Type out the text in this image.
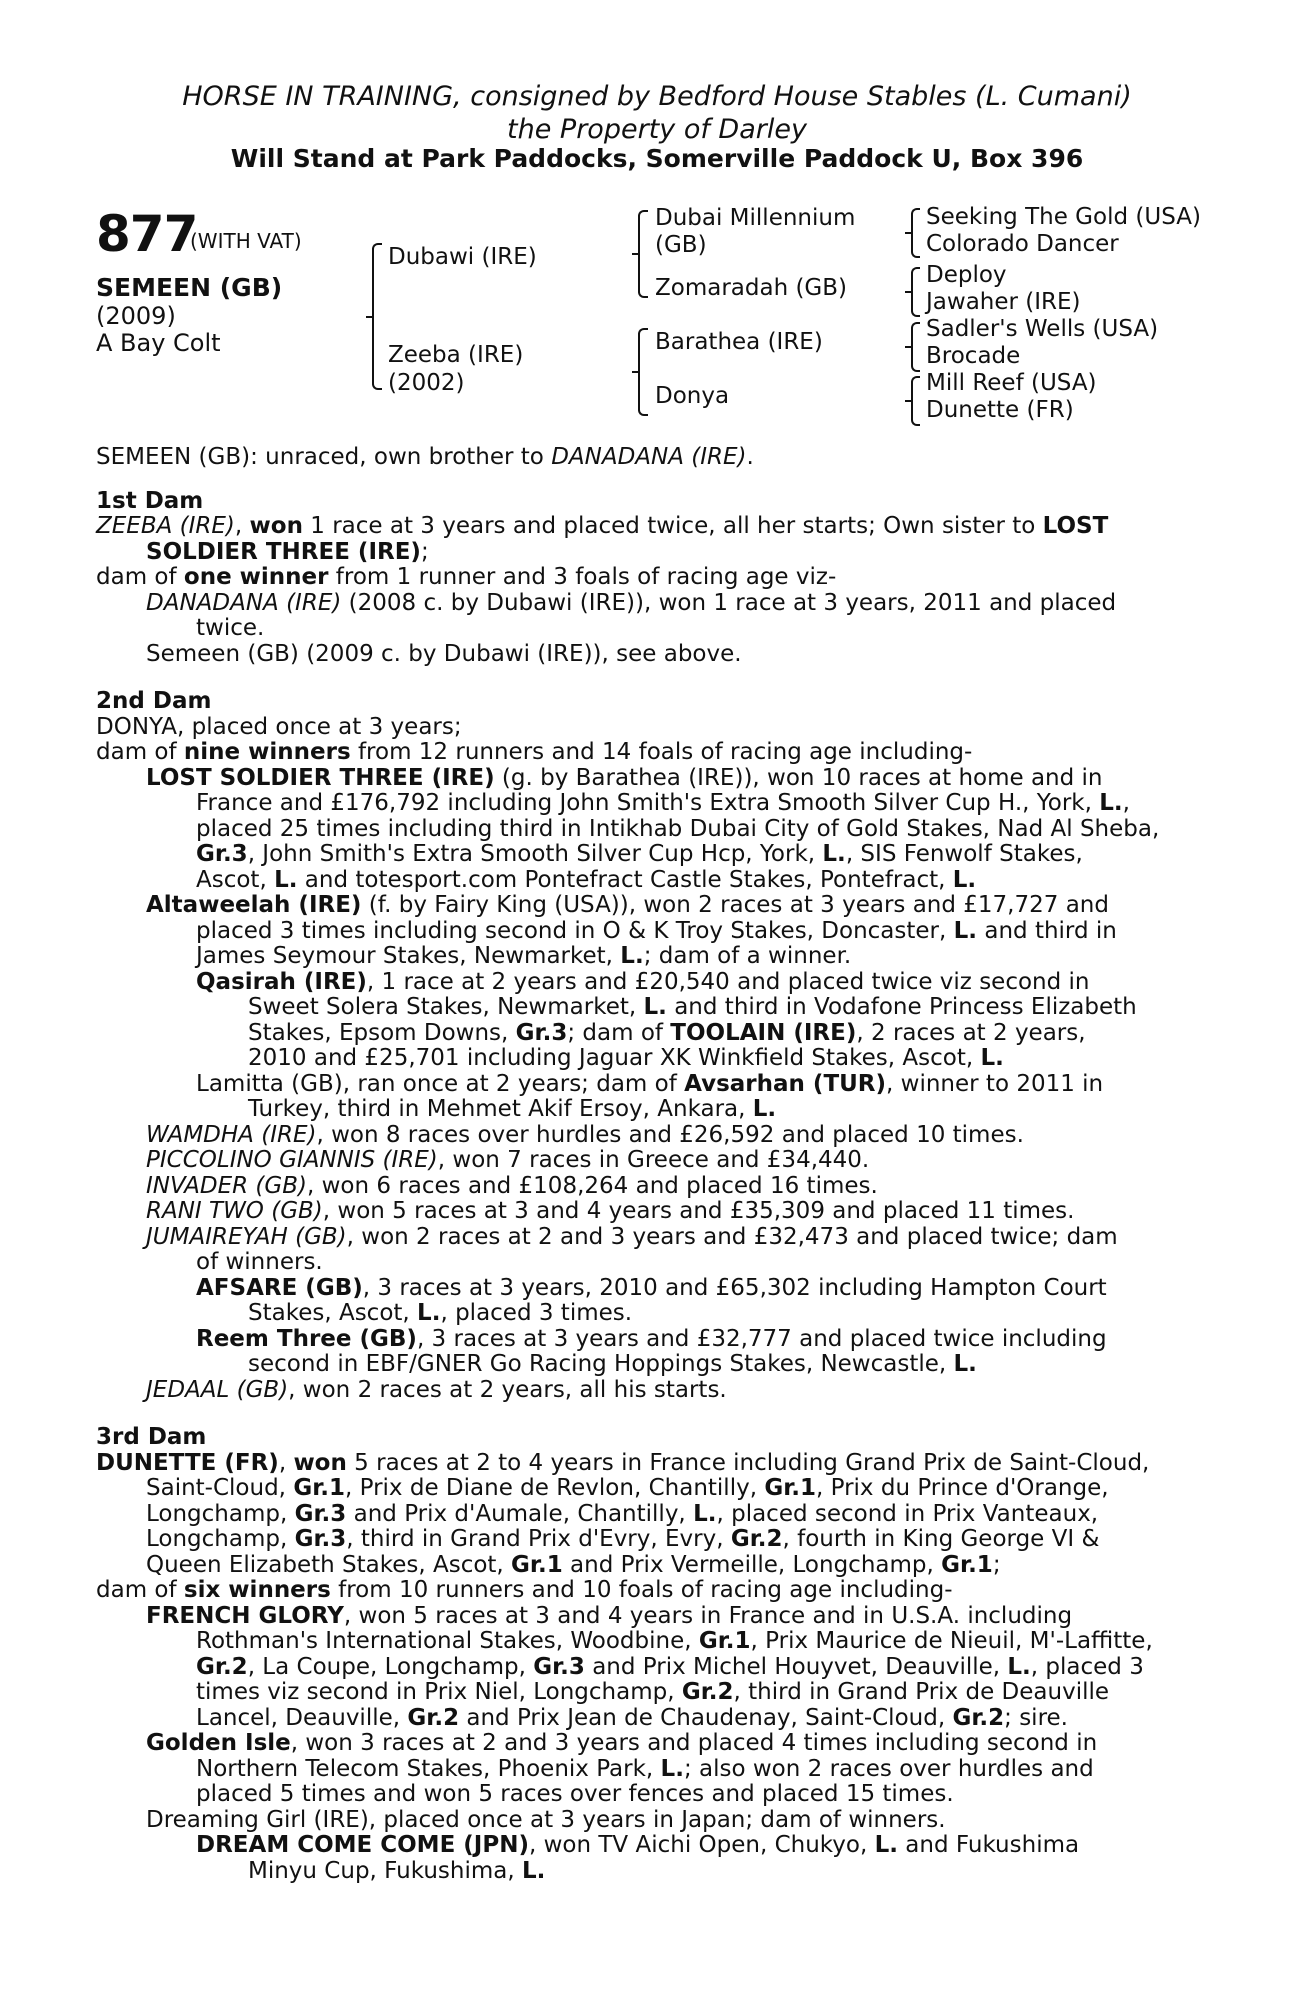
HORSE IN TRAINING, consigned by Bedford House Stables (L. Cumani)
the Property of Darley
Will Stand at Park Paddocks, Somerville Paddock U, Box 396
877
(WITH VAT)
SEMEEN (GB)
(2009)
A Bay Colt
Dubawi (IRE)
Zeeba (IRE)
(2002)
Dubai Millennium
(GB)
Zomaradah (GB)
Barathea (IRE)
Donya
Seeking The Gold (USA)
Colorado Dancer
Deploy
Jawaher (IRE)
Sadler's Wells (USA)
Brocade
Mill Reef (USA)
Dunette (FR)
SEMEEN (GB): unraced, own brother to DANADANA (IRE).
1st Dam
ZEEBA (IRE), won 1 race at 3 years and placed twice, all her starts; Own sister to LOST
SOLDIER THREE (IRE);
dam of one winner from 1 runner and 3 foals of racing age viz-
DANADANA (IRE) (2008 c. by Dubawi (IRE)), won 1 race at 3 years, 2011 and placed
twice.
Semeen (GB) (2009 c. by Dubawi (IRE)), see above.
2nd Dam
DONYA, placed once at 3 years;
dam of nine winners from 12 runners and 14 foals of racing age including-
LOST SOLDIER THREE (IRE) (g. by Barathea (IRE)), won 10 races at home and in
France and £176,792 including John Smith's Extra Smooth Silver Cup H., York, L.,
placed 25 times including third in Intikhab Dubai City of Gold Stakes, Nad Al Sheba,
Gr.3, John Smith's Extra Smooth Silver Cup Hcp, York, L., SIS Fenwolf Stakes,
Ascot, L. and totesport.com Pontefract Castle Stakes, Pontefract, L.
Altaweelah (IRE) (f. by Fairy King (USA)), won 2 races at 3 years and £17,727 and
placed 3 times including second in O & K Troy Stakes, Doncaster, L. and third in
James Seymour Stakes, Newmarket, L.; dam of a winner.
Qasirah (IRE), 1 race at 2 years and £20,540 and placed twice viz second in
Sweet Solera Stakes, Newmarket, L. and third in Vodafone Princess Elizabeth
Stakes, Epsom Downs, Gr.3; dam of TOOLAIN (IRE), 2 races at 2 years,
2010 and £25,701 including Jaguar XK Winkfield Stakes, Ascot, L.
Lamitta (GB), ran once at 2 years; dam of Avsarhan (TUR), winner to 2011 in
Turkey, third in Mehmet Akif Ersoy, Ankara, L.
WAMDHA (IRE), won 8 races over hurdles and £26,592 and placed 10 times.
PICCOLINO GIANNIS (IRE), won 7 races in Greece and £34,440.
INVADER (GB), won 6 races and £108,264 and placed 16 times.
RANI TWO (GB), won 5 races at 3 and 4 years and £35,309 and placed 11 times.
JUMAIREYAH (GB), won 2 races at 2 and 3 years and £32,473 and placed twice; dam
of winners.
AFSARE (GB), 3 races at 3 years, 2010 and £65,302 including Hampton Court
Stakes, Ascot, L., placed 3 times.
Reem Three (GB), 3 races at 3 years and £32,777 and placed twice including
second in EBF/GNER Go Racing Hoppings Stakes, Newcastle, L.
JEDAAL (GB), won 2 races at 2 years, all his starts.
3rd Dam
DUNETTE (FR), won 5 races at 2 to 4 years in France including Grand Prix de Saint-Cloud,
Saint-Cloud, Gr.1, Prix de Diane de Revlon, Chantilly, Gr.1, Prix du Prince d'Orange,
Longchamp, Gr.3 and Prix d'Aumale, Chantilly, L., placed second in Prix Vanteaux,
Longchamp, Gr.3, third in Grand Prix d'Evry, Evry, Gr.2, fourth in King George VI &
Queen Elizabeth Stakes, Ascot, Gr.1 and Prix Vermeille, Longchamp, Gr.1;
dam of six winners from 10 runners and 10 foals of racing age including-
FRENCH GLORY, won 5 races at 3 and 4 years in France and in U.S.A. including
Rothman's International Stakes, Woodbine, Gr.1, Prix Maurice de Nieuil, M'-Laffitte,
Gr.2, La Coupe, Longchamp, Gr.3 and Prix Michel Houyvet, Deauville, L., placed 3
times viz second in Prix Niel, Longchamp, Gr.2, third in Grand Prix de Deauville
Lancel, Deauville, Gr.2 and Prix Jean de Chaudenay, Saint-Cloud, Gr.2; sire.
Golden Isle, won 3 races at 2 and 3 years and placed 4 times including second in
Northern Telecom Stakes, Phoenix Park, L.; also won 2 races over hurdles and
placed 5 times and won 5 races over fences and placed 15 times.
Dreaming Girl (IRE), placed once at 3 years in Japan; dam of winners.
DREAM COME COME (JPN), won TV Aichi Open, Chukyo, L. and Fukushima
Minyu Cup, Fukushima, L.
